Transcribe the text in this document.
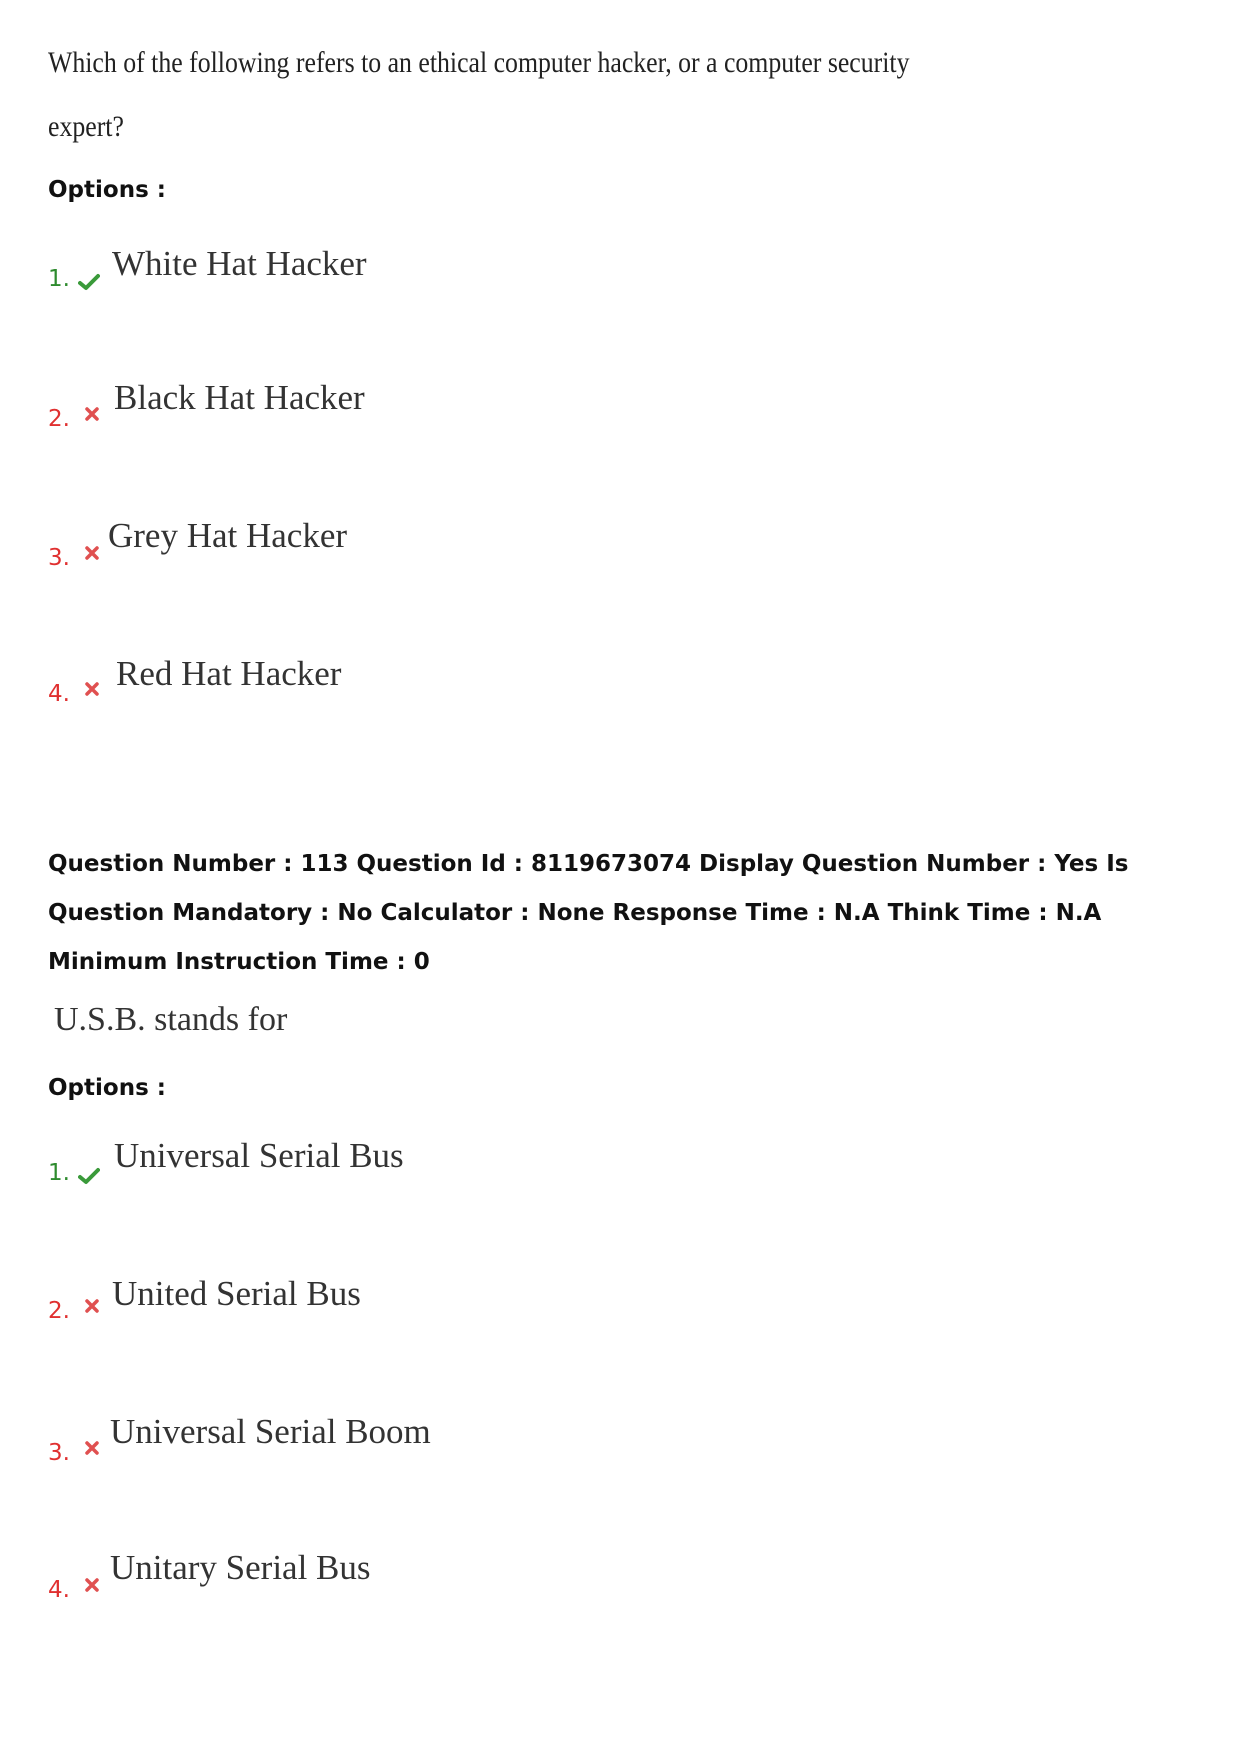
Which of the following refers to an ethical computer hacker, or a computer security
expert?
Options :
1.	White Hat Hacker
2.
Black Hat Hacker
3.
Grey Hat Hacker
4.
Red Hat Hacker
Question Number : 113 Question Id : 8119673074 Display Question Number : Yes Is Question Mandatory : No Calculator : None Response Time : N.A Think Time : N.A Minimum Instruction Time : 0
U.S.B. stands for
Options :
1.	Universal Serial Bus
2.	United Serial Bus
3.
Universal Serial Boom
4.
Unitary Serial Bus
